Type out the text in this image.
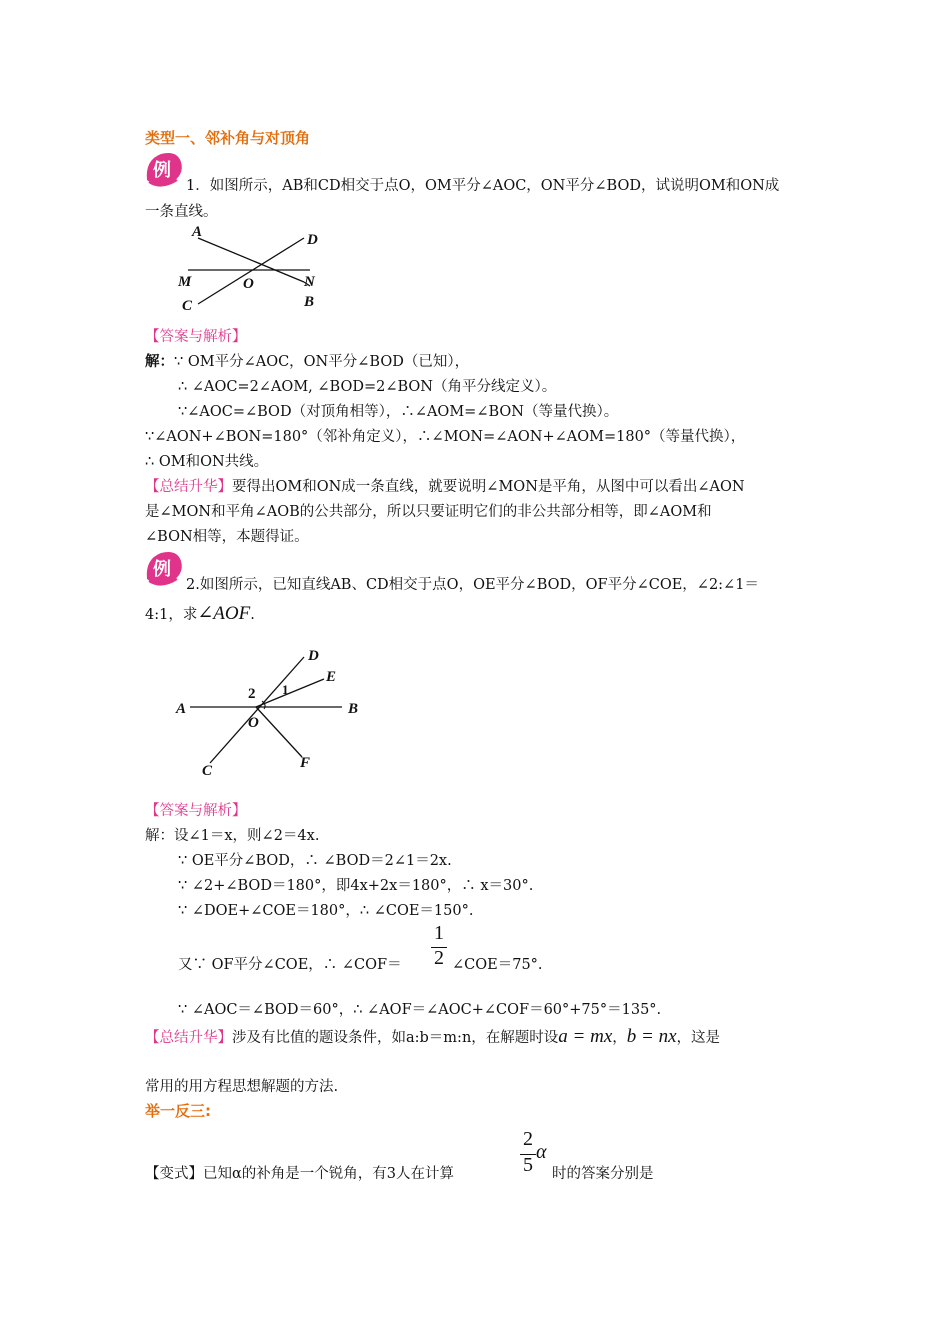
类型一、邻补角与对顶角
例
1．如图所示，AB和CD相交于点O，OM平分∠AOC，ON平分∠BOD，试说明OM和ON成
一条直线。
A	D
M	O	N
C	B
【答案与解析】
解：∵ OM平分∠AOC，ON平分∠BOD（已知），
∴ ∠AOC=2∠AOM, ∠BOD=2∠BON（角平分线定义）。
∵∠AOC=∠BOD（对顶角相等），∴∠AOM=∠BON（等量代换）。
∵∠AON+∠BON=180°（邻补角定义），∴∠MON=∠AON+∠AOM=180°（等量代换），
∴ OM和ON共线。
【总结升华】要得出OM和ON成一条直线，就要说明∠MON是平角，从图中可以看出∠AON
是∠MON和平角∠AOB的公共部分，所以只要证明它们的非公共部分相等，即∠AOM和
∠BON相等，本题得证。
例
2.如图所示，已知直线AB、CD相交于点O，OE平分∠BOD，OF平分∠COE，∠2:∠1＝
4:1，求∠AOF.
D
E
2 1
A	B
O
C	F
【答案与解析】
解：设∠1＝x，则∠2＝4x.
∵ OE平分∠BOD，∴ ∠BOD＝2∠1＝2x.
∵ ∠2+∠BOD＝180°，即4x+2x＝180°，∴ x＝30°.
∵ ∠DOE+∠COE＝180°，∴ ∠COE＝150°.
1
2
又∵ OF平分∠COE，∴ ∠COF＝	∠COE＝75°.
∵ ∠AOC＝∠BOD＝60°，∴ ∠AOF＝∠AOC+∠COF＝60°+75°＝135°.
【总结升华】涉及有比值的题设条件，如a:b＝m:n，在解题时设a = mx，b = nx，这是
常用的用方程思想解题的方法.
举一反三:
2
5
α
【变式】已知α的补角是一个锐角，有3人在计算	时的答案分别是
